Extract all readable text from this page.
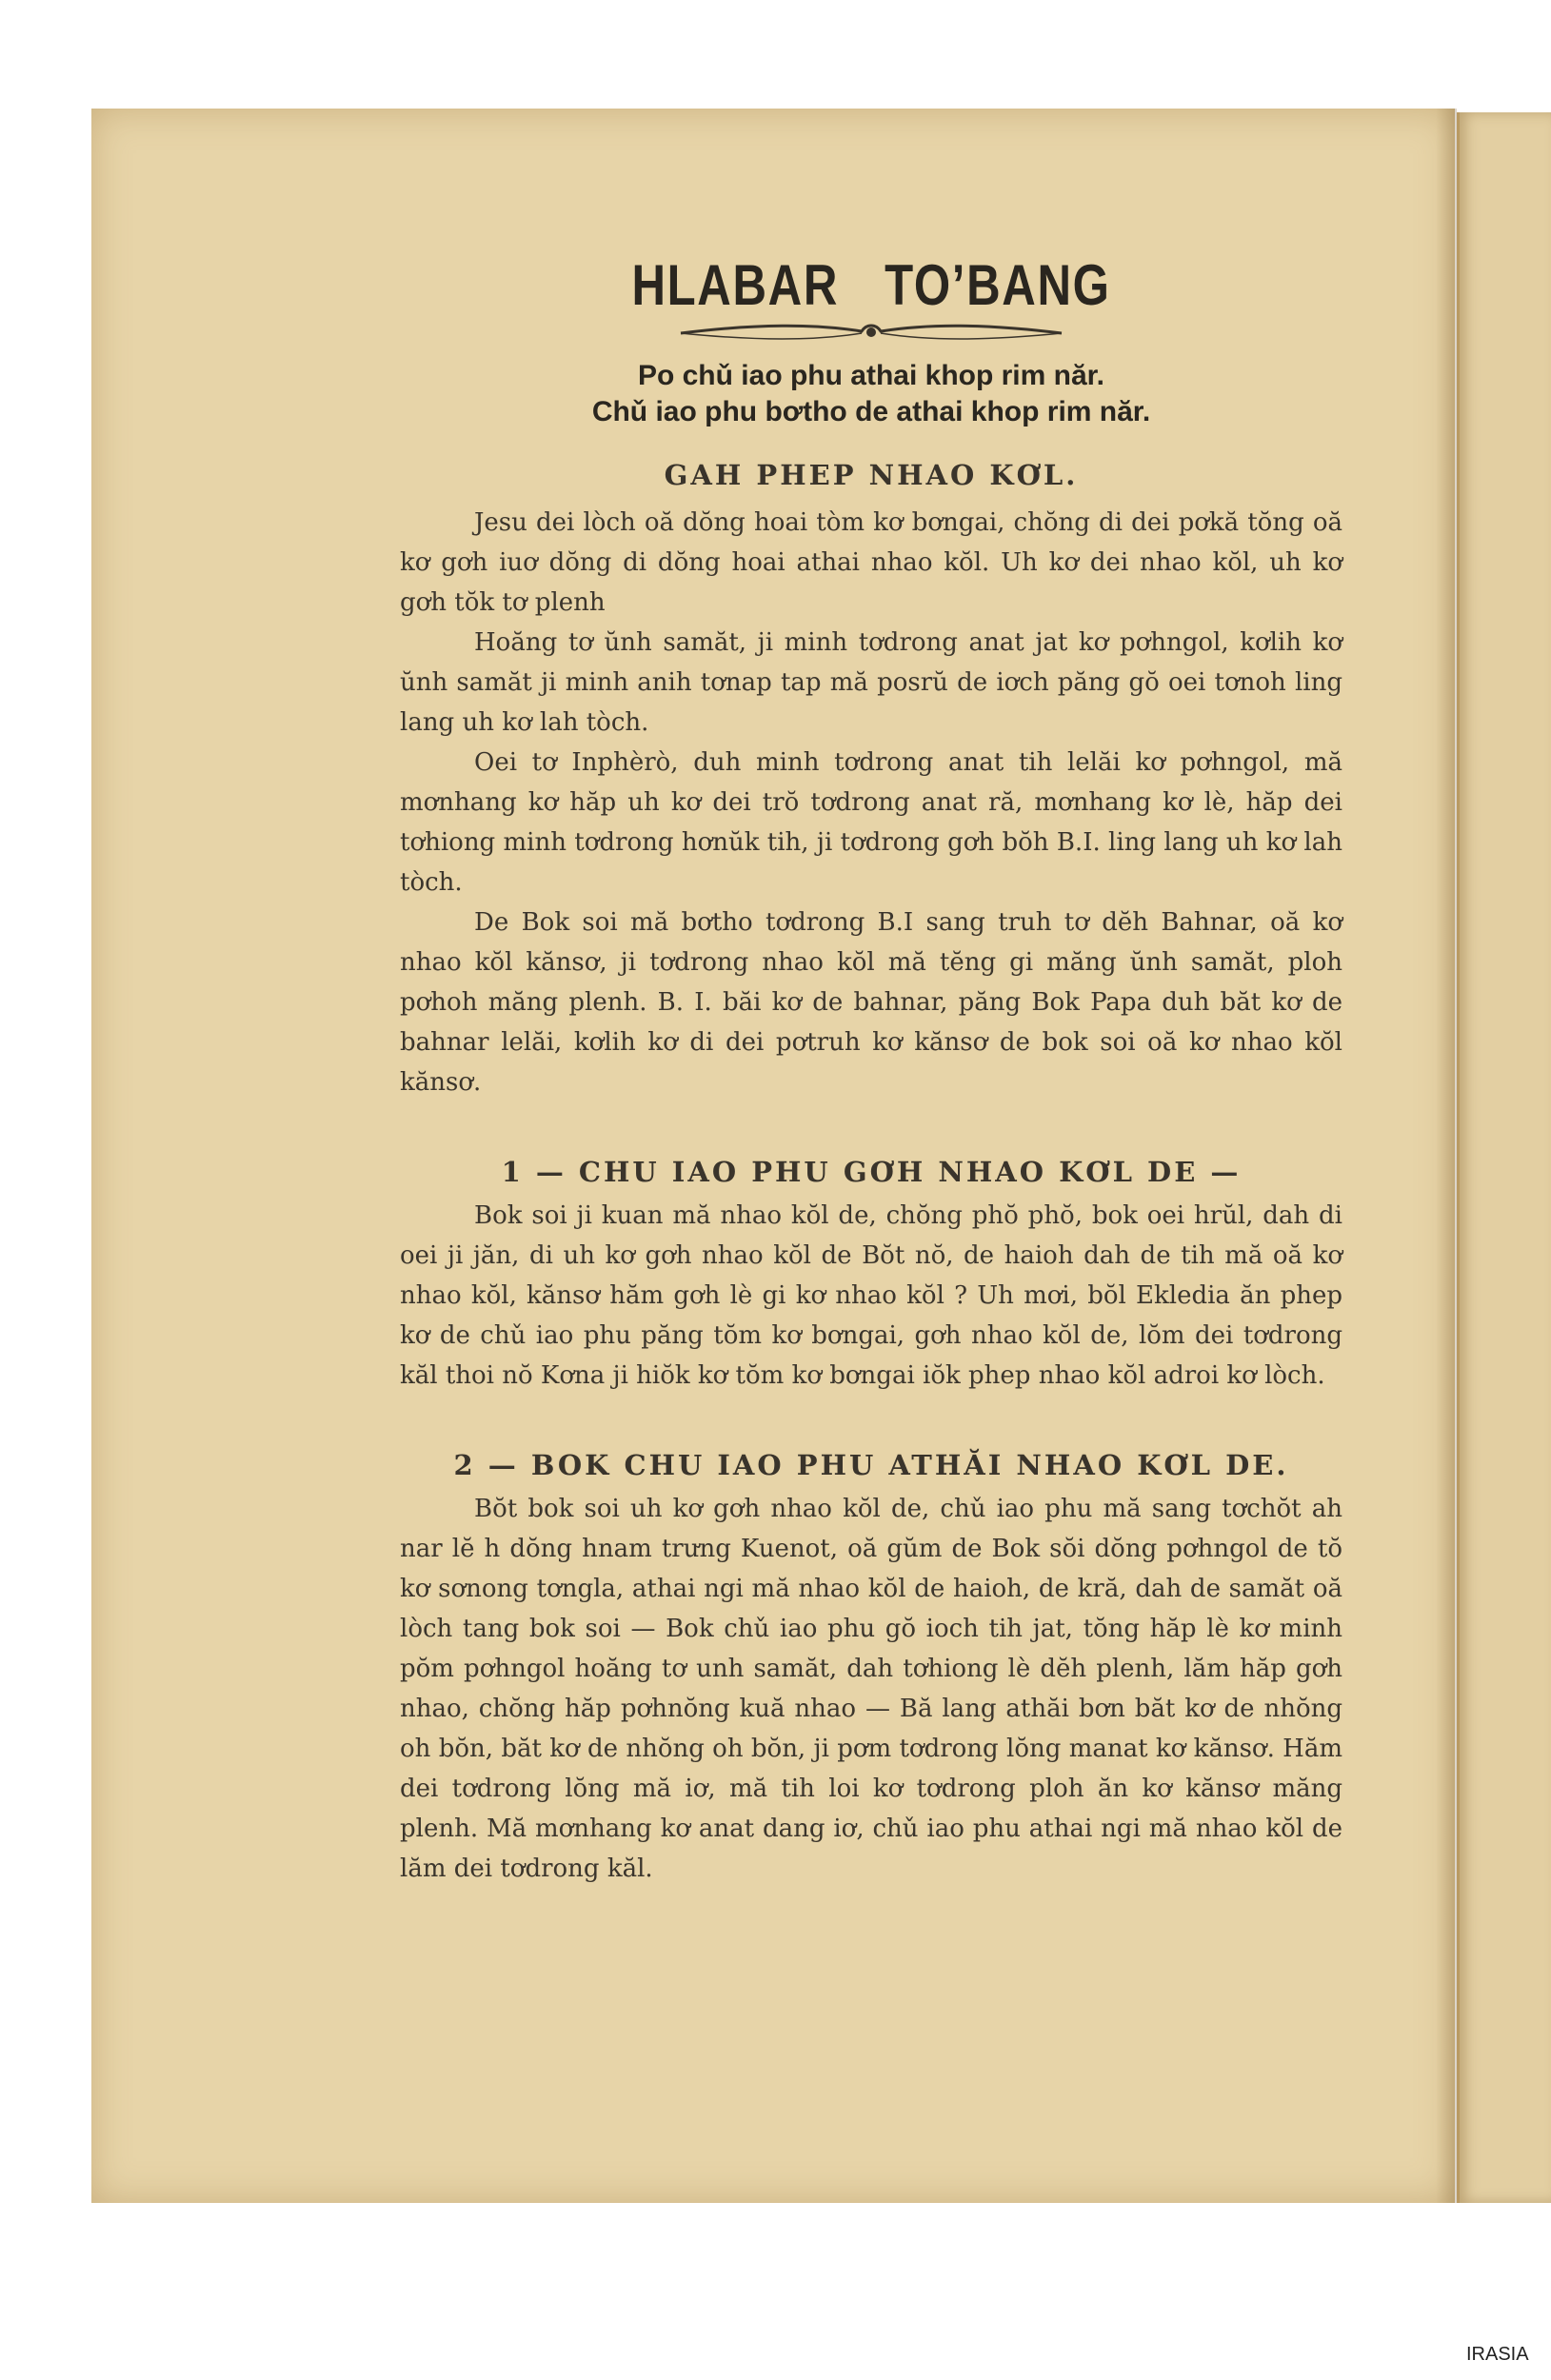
HLABAR TO’BANG

Po chǔ iao phu athai khop rim năr.

Chǔ iao phu bơtho de athai khop rim năr.

GAH PHEP NHAO KƠL.

Jesu dei lòch oă dŏng hoai tòm kơ bơngai, chŏng di dei pơkă tŏng oă kơ gơh iuơ dŏng di dŏng hoai athai nhao kŏl. Uh kơ dei nhao kŏl, uh kơ gơh tŏk tơ plenh

Hoăng tơ ŭnh samăt, ji minh tơdrong anat jat kơ pơhngol, kơlih kơ ŭnh samăt ji minh anih tơnap tap mă posrŭ de iơch păng gŏ oei tơnoh ling lang uh kơ lah tòch.

Oei tơ Inphèrò, duh minh tơdrong anat tih lelăi kơ pơhngol, mă mơnhang kơ hăp uh kơ dei trŏ tơdrong anat ră, mơnhang kơ lè, hăp dei tơhiong minh tơdrong hơnŭk tih, ji tơdrong gơh bŏh B.I. ling lang uh kơ lah tòch.

De Bok soi mă bơtho tơdrong B.I sang truh tơ dĕh Bahnar, oă kơ nhao kŏl kănsơ, ji tơdrong nhao kŏl mă tĕng gi măng ŭnh samăt, ploh pơhoh măng plenh. B. I. băi kơ de bahnar, păng Bok Papa duh băt kơ de bahnar lelăi, kơlih kơ di dei pơtruh kơ kănsơ de bok soi oă kơ nhao kŏl kănsơ.

1 — CHU IAO PHU GƠH NHAO KƠL DE —

Bok soi ji kuan mă nhao kŏl de, chŏng phŏ phŏ, bok oei hrŭl, dah di oei ji jăn, di uh kơ gơh nhao kŏl de Bŏt nŏ, de haioh dah de tih mă oă kơ nhao kŏl, kănsơ hăm gơh lè gi kơ nhao kŏl ? Uh mơi, bŏl Ekledia ăn phep kơ de chǔ iao phu păng tŏm kơ bơngai, gơh nhao kŏl de, lŏm dei tơdrong kăl thoi nŏ Kơna ji hiŏk kơ tŏm kơ bơngai iŏk phep nhao kŏl adroi kơ lòch.

2 — BOK CHU IAO PHU ATHĂI NHAO KƠL DE.

Bŏt bok soi uh kơ gơh nhao kŏl de, chǔ iao phu mă sang tơchŏt ah nar lĕ h dŏng hnam trưng Kuenot, oă gŭm de Bok sŏi dŏng pơhngol de tŏ kơ sơnong tơngla, athai ngi mă nhao kŏl de haioh, de kră, dah de samăt oă lòch tang bok soi — Bok chǔ iao phu gŏ ioch tih jat, tŏng hăp lè kơ minh pŏm pơhngol hoăng tơ unh samăt, dah tơhiong lè dĕh plenh, lăm hăp gơh nhao, chŏng hăp pơhnŏng kuă nhao — Bă lang athăi bơn băt kơ de nhŏng oh bŏn, băt kơ de nhŏng oh bŏn, ji pơm tơdrong lŏng manat kơ kănsơ. Hăm dei tơdrong lŏng mă iơ, mă tih loi kơ tơdrong ploh ăn kơ kănsơ măng plenh. Mă mơnhang kơ anat dang iơ, chǔ iao phu athai ngi mă nhao kŏl de lăm dei tơdrong kăl.

IRASIA
